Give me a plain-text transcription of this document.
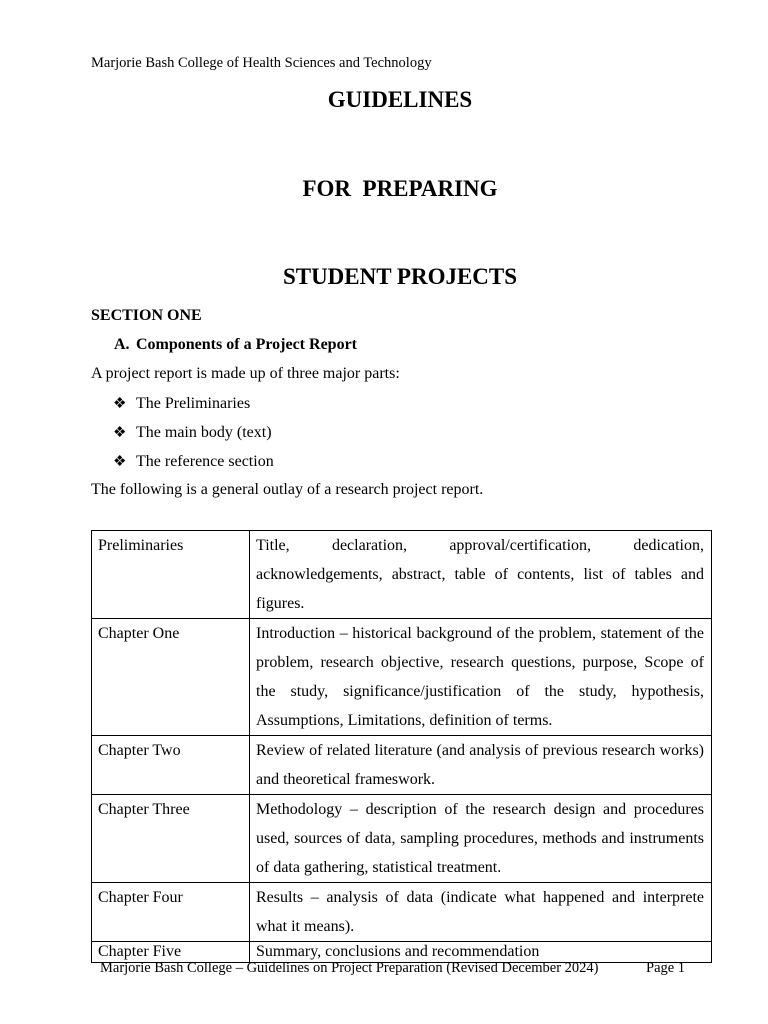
Marjorie Bash College of Health Sciences and Technology
GUIDELINES
FOR  PREPARING
STUDENT PROJECTS
SECTION ONE
A. Components of a Project Report
A project report is made up of three major parts:
❖ The Preliminaries
❖ The main body (text)
❖ The reference section
The following is a general outlay of a research project report.
Preliminaries	Title, declaration, approval/certification, dedication, acknowledgements, abstract, table of contents, list of tables and figures.
Chapter One	Introduction – historical background of the problem, statement of the problem, research objective, research questions, purpose, Scope of the study, significance/justification of the study, hypothesis, Assumptions, Limitations, definition of terms.
Chapter Two	Review of related literature (and analysis of previous research works) and theoretical frameswork.
Chapter Three	Methodology – description of the research design and procedures used, sources of data, sampling procedures, methods and instruments of data gathering, statistical treatment.
Chapter Four	Results – analysis of data (indicate what happened and interprete what it means).
Chapter Five	Summary, conclusions and recommendation
Marjorie Bash College – Guidelines on Project Preparation (Revised December 2024)	Page 1
